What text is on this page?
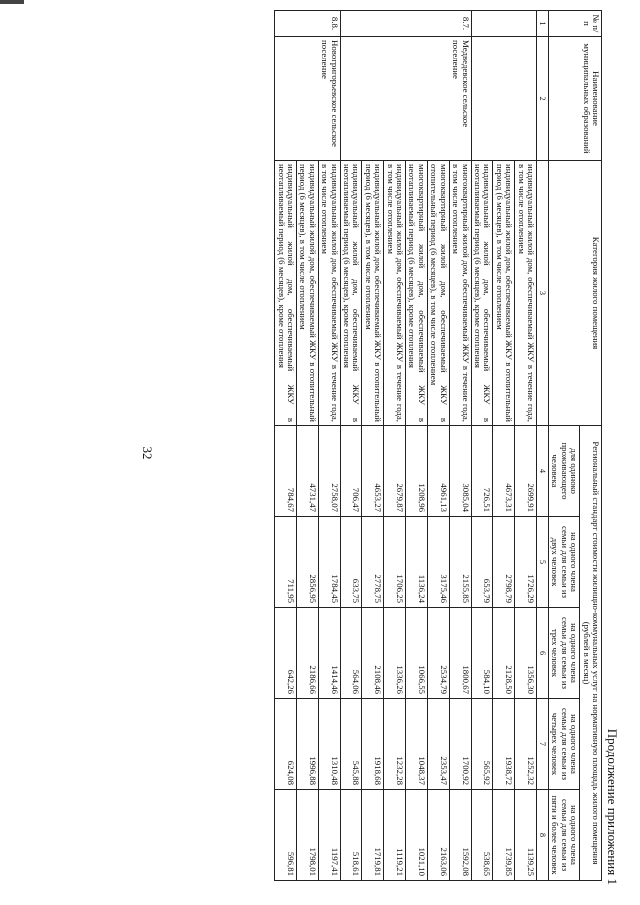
32
Продолжение приложения 1
№ п/п	Наименование муниципальных образований	Категория жилого помещения	Региональный стандарт стоимости жилищно-коммунальных услуг на нормативную площадь жилого помещения (рублей в месяц)				
			для одиноко проживающего человека	на одного члена семьи для семьи из двух человек	на одного члена семьи для семьи из трех человек	на одного члена семьи для семьи из четырех человек	на одного члена семьи для семьи из пяти и более человек
1	2	3	4	5	6	7	8
		индивидуальный жилой дом, обеспечиваемый ЖКУ в течение года, в том числе отоплением	2699,91	1726,29	1356,30	1252,32	1139,25
		индивидуальный жилой дом, обеспечиваемый ЖКУ в отопительный период (6 месяцев), в том числе отоплением	4673,31	2798,79	2128,50	1938,72	1739,85
		индивидуальный жилой дом, обеспечиваемый ЖКУ в неотапливаемый период (6 месяцев), кроме отопления	726,51	653,79	584,10	565,92	538,65
8.7.	Медведевское сельское поселение	многоквартирный жилой дом, обеспечиваемый ЖКУ в течение года, в том числе отоплением	3085,04	2155,85	1800,67	1700,92	1592,08
		многоквартирный жилой дом, обеспечиваемый ЖКУ в отопительный период (6 месяцев), в том числе отоплением	4961,13	3175,46	2534,79	2353,47	2163,06
		многоквартирный жилой дом, обеспечиваемый ЖКУ в неотапливаемый период (6 месяцев), кроме отопления	1208,96	1136,24	1066,55	1048,37	1021,10
		индивидуальный жилой дом, обеспечиваемый ЖКУ в течение года, в том числе отоплением	2679,87	1706,25	1336,26	1232,28	1119,21
		индивидуальный жилой дом, обеспечиваемый ЖКУ в отопительный период (6 месяцев), в том числе отоплением	4653,27	2778,75	2108,46	1918,68	1719,81
		индивидуальный жилой дом, обеспечиваемый ЖКУ в неотапливаемый период (6 месяцев), кроме отопления	706,47	633,75	564,06	545,88	518,61
8.8.	Новогригорьевское сельское поселение	индивидуальный жилой дом, обеспечиваемый ЖКУ в течение года, в том числе отоплением	2758,07	1784,45	1414,46	1310,48	1197,41
		индивидуальный жилой дом, обеспечиваемый ЖКУ в отопительный период (6 месяцев), в том числе отоплением	4731,47	2856,95	2186,66	1996,88	1798,01
		индивидуальный жилой дом, обеспечиваемый ЖКУ в неотапливаемый период (6 месяцев), кроме отопления	784,67	711,95	642,26	624,08	596,81
